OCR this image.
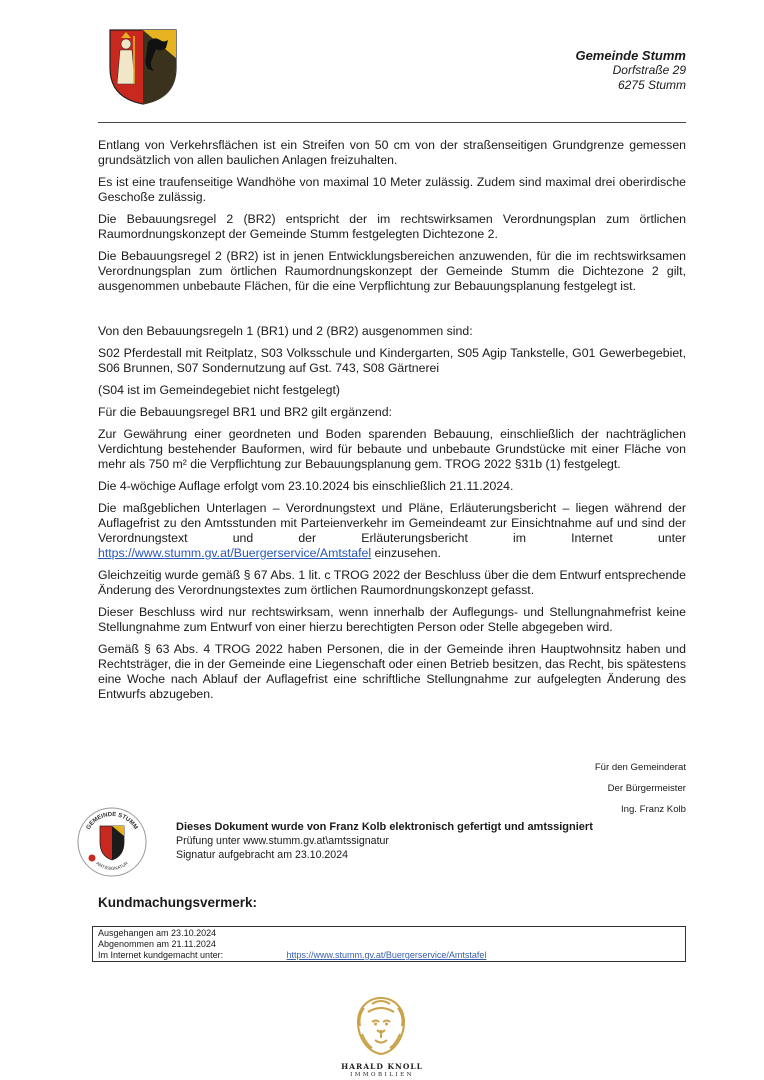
Gemeinde Stumm
Dorfstraße 29
6275 Stumm

Entlang von Verkehrsflächen ist ein Streifen von 50 cm von der straßenseitigen Grundgrenze gemessen grundsätzlich von allen baulichen Anlagen freizuhalten.

Es ist eine traufenseitige Wandhöhe von maximal 10 Meter zulässig. Zudem sind maximal drei oberirdische Geschoße zulässig.

Die Bebauungsregel 2 (BR2) entspricht der im rechtswirksamen Verordnungsplan zum örtlichen Raumordnungskonzept der Gemeinde Stumm festgelegten Dichtezone 2.

Die Bebauungsregel 2 (BR2) ist in jenen Entwicklungsbereichen anzuwenden, für die im rechtswirksamen Verordnungsplan zum örtlichen Raumordnungskonzept der Gemeinde Stumm die Dichtezone 2 gilt, ausgenommen unbebaute Flächen, für die eine Verpflichtung zur Bebauungsplanung festgelegt ist.

Von den Bebauungsregeln 1 (BR1) und 2 (BR2) ausgenommen sind:

S02 Pferdestall mit Reitplatz, S03 Volksschule und Kindergarten, S05 Agip Tankstelle, G01 Gewerbegebiet, S06 Brunnen, S07 Sondernutzung auf Gst. 743, S08 Gärtnerei

(S04 ist im Gemeindegebiet nicht festgelegt)

Für die Bebauungsregel BR1 und BR2 gilt ergänzend:

Zur Gewährung einer geordneten und Boden sparenden Bebauung, einschließlich der nachträglichen Verdichtung bestehender Bauformen, wird für bebaute und unbebaute Grundstücke mit einer Fläche von mehr als 750 m² die Verpflichtung zur Bebauungsplanung gem. TROG 2022 §31b (1) festgelegt.

Die 4-wöchige Auflage erfolgt vom 23.10.2024 bis einschließlich 21.11.2024.

Die maßgeblichen Unterlagen – Verordnungstext und Pläne, Erläuterungsbericht – liegen während der Auflagefrist zu den Amtsstunden mit Parteienverkehr im Gemeindeamt zur Einsichtnahme auf und sind der Verordnungstext und der Erläuterungsbericht im Internet unter https://www.stumm.gv.at/Buergerservice/Amtstafel einzusehen.

Gleichzeitig wurde gemäß § 67 Abs. 1 lit. c TROG 2022 der Beschluss über die dem Entwurf entsprechende Änderung des Verordnungstextes zum örtlichen Raumordnungskonzept gefasst.

Dieser Beschluss wird nur rechtswirksam, wenn innerhalb der Auflegungs- und Stellungnahmefrist keine Stellungnahme zum Entwurf von einer hierzu berechtigten Person oder Stelle abgegeben wird.

Gemäß § 63 Abs. 4 TROG 2022 haben Personen, die in der Gemeinde ihren Hauptwohnsitz haben und Rechtsträger, die in der Gemeinde eine Liegenschaft oder einen Betrieb besitzen, das Recht, bis spätestens eine Woche nach Ablauf der Auflagefrist eine schriftliche Stellungnahme zur aufgelegten Änderung des Entwurfs abzugeben.

Für den Gemeinderat
Der Bürgermeister
Ing. Franz Kolb
GEMEINDE STUMM
AMTSSIGNATUR
Dieses Dokument wurde von Franz Kolb elektronisch gefertigt und amtssigniert
Prüfung unter www.stumm.gv.at\amtssignatur
Signatur aufgebracht am 23.10.2024
Kundmachungsvermerk:
Ausgehangen am 23.10.2024
Abgenommen am 21.11.2024
Im Internet kundgemacht unter:	https://www.stumm.gv.at/Buergerservice/Amtstafel
HARALD KNOLL
IMMOBILIEN
